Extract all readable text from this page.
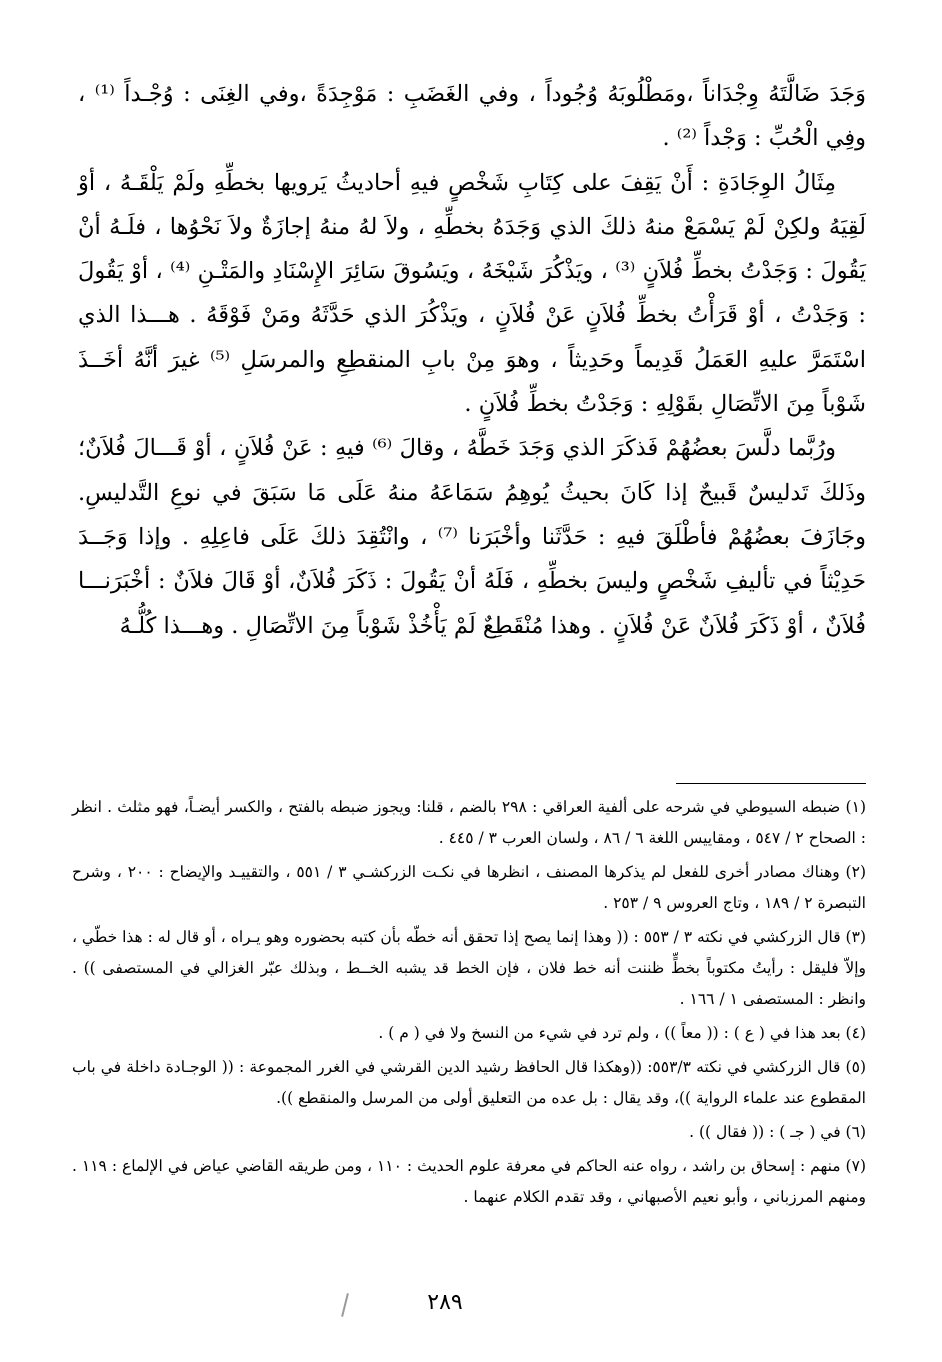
وَجَدَ ضَالَّتَهُ وِجْدَاناً ،ومَطْلُوبَهُ وُجُوداً ، وفي الغَضَبِ : مَوْجِدَةً ،وفي الغِنَى : وُجْـداً ⁽¹⁾ ، وفِي الْحُبِّ : وَجْداً ⁽²⁾ .

مِثَالُ الوِجَادَةِ : أَنْ يَقِفَ على كِتَابِ شَخْصٍ فيهِ أحاديثُ يَرويها بخطِّهِ ولَمْ يَلْقَـهُ ، أوْ لَقِيَهُ ولكِنْ لَمْ يَسْمَعْ منهُ ذلكَ الذي وَجَدَهُ بخطِّهِ ، ولاَ لهُ منهُ إجازَةٌ ولاَ نَحْوُها ، فلَـهُ أنْ يَقُولَ : وَجَدْتُ بخطِّ فُلاَنٍ ⁽³⁾ ، ويَذْكُرَ شَيْخَهُ ، ويَسُوقَ سَائِرَ الإِسْنَادِ والمَتْـنِ ⁽⁴⁾ ، أوْ يَقُولَ : وَجَدْتُ ، أوْ قَرَأْتُ بخطِّ فُلاَنٍ عَنْ فُلاَنٍ ، ويَذْكُرَ الذي حَدَّثَهُ ومَنْ فَوْقَهُ . هـــذا الذي اسْتَمَرَّ عليهِ العَمَلُ قَدِيماً وحَدِيثاً ، وهوَ مِنْ بابِ المنقطِعِ والمرسَلِ ⁽⁵⁾ غيرَ أنَّهُ أخَــذَ شَوْباً مِنَ الاتِّصَالِ بقَوْلِهِ : وَجَدْتُ بخطِّ فُلاَنٍ .

ورُبَّما دلَّسَ بعضُهُمْ فَذكَرَ الذي وَجَدَ خَطَّهُ ، وقالَ ⁽⁶⁾ فيهِ : عَنْ فُلاَنٍ ، أوْ قَـــالَ فُلاَنٌ؛ وذَلكَ تَدليسٌ قَبيحٌ إذا كَانَ بحيثُ يُوهِمُ سَمَاعَهُ منهُ عَلَى مَا سَبَقَ في نوعِ التَّدليسِ. وجَازَفَ بعضُهُمْ فأطْلَقَ فيهِ : حَدَّثَنا وأخْبَرَنا ⁽⁷⁾ ، وانْتُقِدَ ذلكَ عَلَى فاعِلِهِ . وإذا وَجَــدَ حَدِيْثاً في تأليفِ شَخْصٍ وليسَ بخطِّهِ ، فَلَهُ أنْ يَقُولَ : ذَكَرَ فُلاَنٌ، أوْ قَالَ فلاَنٌ : أخْبَرَنـــا فُلاَنٌ ، أوْ ذَكَرَ فُلاَنٌ عَنْ فُلاَنٍ . وهذا مُنْقَطِعٌ لَمْ يَأْخُذْ شَوْباً مِنَ الاتِّصَالِ . وهـــذا كُلُّـهُ

(١) ضبطه السيوطي في شرحه على ألفية العراقي : ٢٩٨ بالضم ، قلنا: ويجوز ضبطه بالفتح ، والكسر أيضـاً، فهو مثلث . انظر : الصحاح ٢ / ٥٤٧ ، ومقاييس اللغة ٦ / ٨٦ ، ولسان العرب ٣ / ٤٤٥ .

(٢) وهناك مصادر أخرى للفعل لم يذكرها المصنف ، انظرها في نكـت الزركشـي ٣ / ٥٥١ ، والتقييـد والإيضاح : ٢٠٠ ، وشرح التبصرة ٢ / ١٨٩ ، وتاج العروس ٩ / ٢٥٣ .

(٣) قال الزركشي في نكته ٣ / ٥٥٣ : (( وهذا إنما يصح إذا تحقق أنه خطّه بأن كتبه بحضوره وهو يـراه ، أو قال له : هذا خطّي ، وإلاّ فليقل : رأيتُ مكتوباً بخطٍّ ظننت أنه خط فلان ، فإن الخط قد يشبه الخــط ، وبذلك عبّر الغزالي في المستصفى )) . وانظر : المستصفى ١ / ١٦٦ .

(٤) بعد هذا في ( ع ) : (( معاً )) ، ولم ترد في شيء من النسخ ولا في ( م ) .

(٥) قال الزركشي في نكته ٥٥٣/٣: ((وهكذا قال الحافظ رشيد الدين القرشي في الغرر المجموعة : (( الوجـادة داخلة في باب المقطوع عند علماء الرواية ))، وقد يقال : بل عده من التعليق أولى من المرسل والمنقطع )).

(٦) في ( جـ ) : (( فقال )) .

(٧) منهم : إسحاق بن راشد ، رواه عنه الحاكم في معرفة علوم الحديث : ١١٠ ، ومن طريقه القاضي عياض في الإلماع : ١١٩ . ومنهم المرزباني ، وأبو نعيم الأصبهاني ، وقد تقدم الكلام عنهما .

٢٨٩
